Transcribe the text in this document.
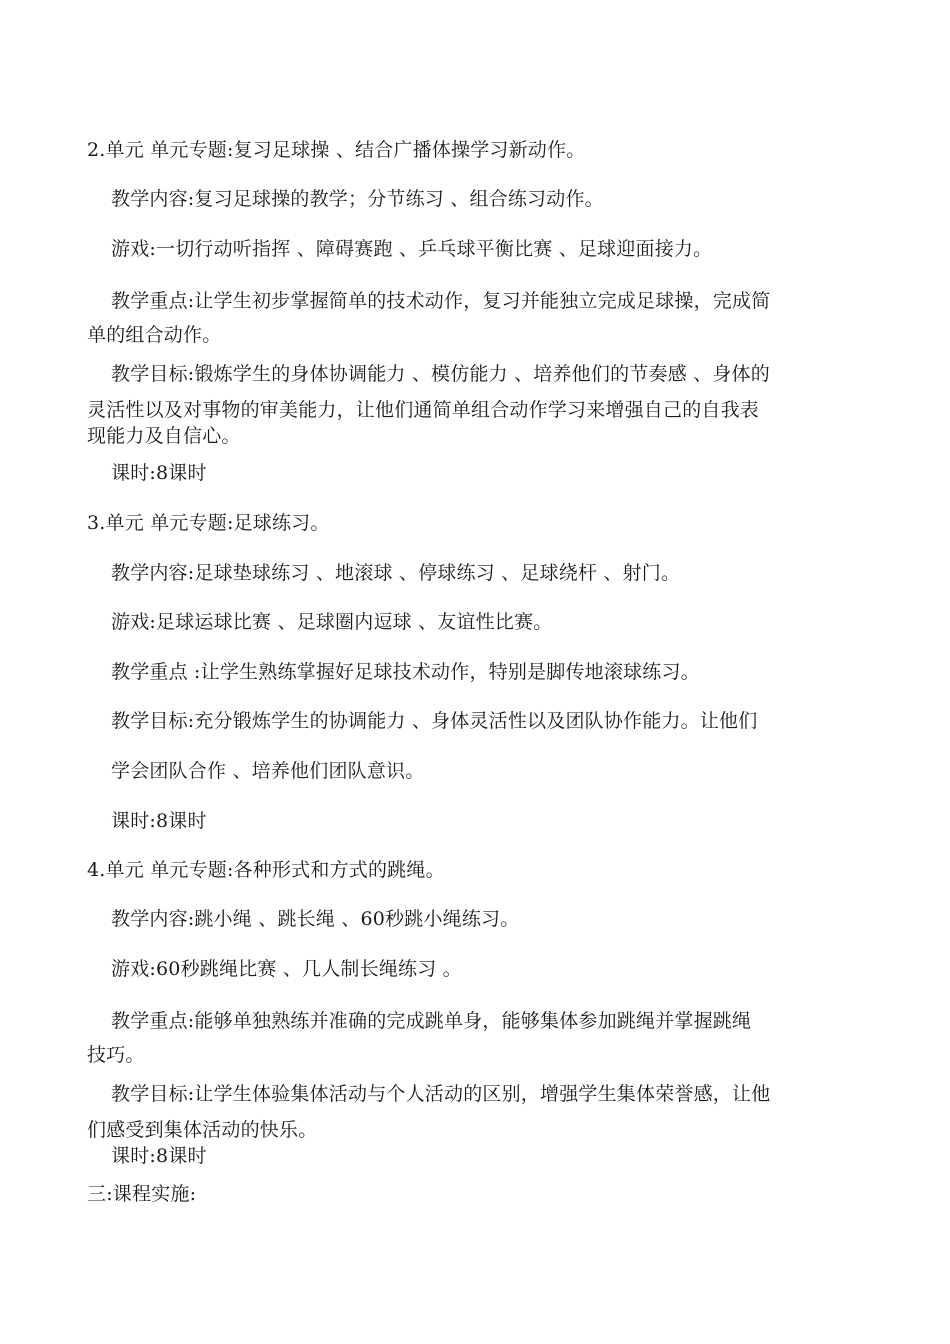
2.单元 单元专题:复习足球操 、结合广播体操学习新动作。
教学内容:复习足球操的教学；分节练习 、组合练习动作。
游戏:一切行动听指挥 、障碍赛跑 、乒乓球平衡比赛 、足球迎面接力。
教学重点:让学生初步掌握简单的技术动作，复习并能独立完成足球操，完成简
单的组合动作。
教学目标:锻炼学生的身体协调能力 、模仿能力 、培养他们的节奏感 、身体的
灵活性以及对事物的审美能力，让他们通简单组合动作学习来增强自己的自我表
现能力及自信心。
课时:8课时
3.单元 单元专题:足球练习。
教学内容:足球垫球练习 、地滚球 、停球练习 、足球绕杆 、射门。
游戏:足球运球比赛 、足球圈内逗球 、友谊性比赛。
教学重点 :让学生熟练掌握好足球技术动作，特别是脚传地滚球练习。
教学目标:充分锻炼学生的协调能力 、身体灵活性以及团队协作能力。让他们
学会团队合作 、培养他们团队意识。
课时:8课时
4.单元 单元专题:各种形式和方式的跳绳。
教学内容:跳小绳 、跳长绳 、60秒跳小绳练习。
游戏:60秒跳绳比赛 、几人制长绳练习 。
教学重点:能够单独熟练并准确的完成跳单身，能够集体参加跳绳并掌握跳绳
技巧。
教学目标:让学生体验集体活动与个人活动的区别，增强学生集体荣誉感，让他
们感受到集体活动的快乐。
课时:8课时
三:课程实施:
